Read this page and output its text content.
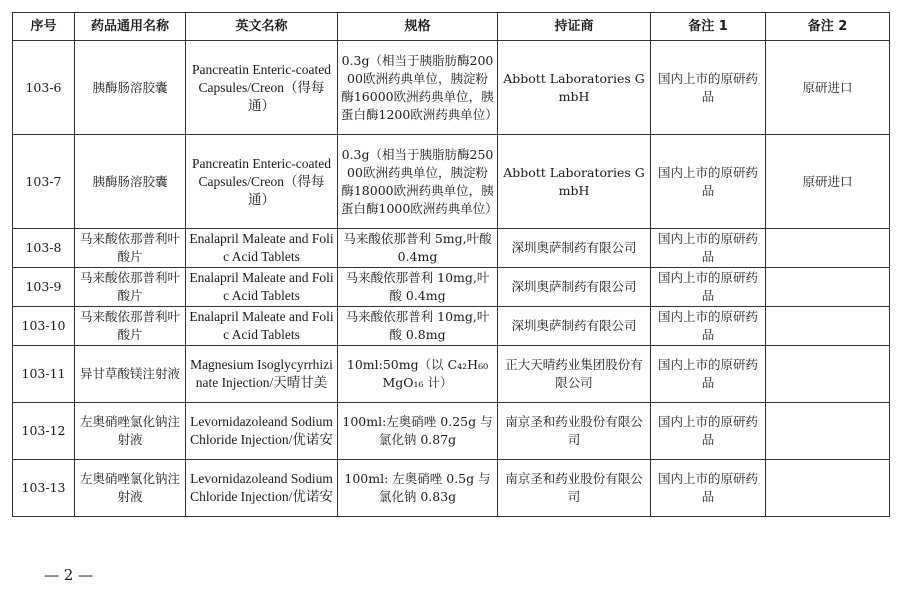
序号	药品通用名称	英文名称	规格	持证商	备注 1	备注 2
103-6	胰酶肠溶胶囊	Pancreatin Enteric-coated Capsules/Creon（得每通）	0.3g（相当于胰脂肪酶20000欧洲药典单位，胰淀粉酶16000欧洲药典单位，胰蛋白酶1200欧洲药典单位）	Abbott Laboratories GmbH	国内上市的原研药品	原研进口
103-7	胰酶肠溶胶囊	Pancreatin Enteric-coated Capsules/Creon（得每通）	0.3g（相当于胰脂肪酶25000欧洲药典单位，胰淀粉酶18000欧洲药典单位，胰蛋白酶1000欧洲药典单位）	Abbott Laboratories GmbH	国内上市的原研药品	原研进口
103-8	马来酸依那普利叶酸片	Enalapril Maleate and Folic Acid Tablets	马来酸依那普利 5mg,叶酸 0.4mg	深圳奥萨制药有限公司	国内上市的原研药品	
103-9	马来酸依那普利叶酸片	Enalapril Maleate and Folic Acid Tablets	马来酸依那普利 10mg,叶酸 0.4mg	深圳奥萨制药有限公司	国内上市的原研药品	
103-10	马来酸依那普利叶酸片	Enalapril Maleate and Folic Acid Tablets	马来酸依那普利 10mg,叶酸 0.8mg	深圳奥萨制药有限公司	国内上市的原研药品	
103-11	异甘草酸镁注射液	Magnesium Isoglycyrrhizinate Injection/天晴甘美	10ml:50mg（以 C₄₂H₆₀MgO₁₆ 计）	正大天晴药业集团股份有限公司	国内上市的原研药品	
103-12	左奥硝唑氯化钠注射液	Levornidazoleand Sodium Chloride Injection/优诺安	100ml:左奥硝唑 0.25g 与氯化钠 0.87g	南京圣和药业股份有限公司	国内上市的原研药品	
103-13	左奥硝唑氯化钠注射液	Levornidazoleand Sodium Chloride Injection/优诺安	100ml: 左奥硝唑 0.5g 与氯化钠 0.83g	南京圣和药业股份有限公司	国内上市的原研药品	
— 2 —
